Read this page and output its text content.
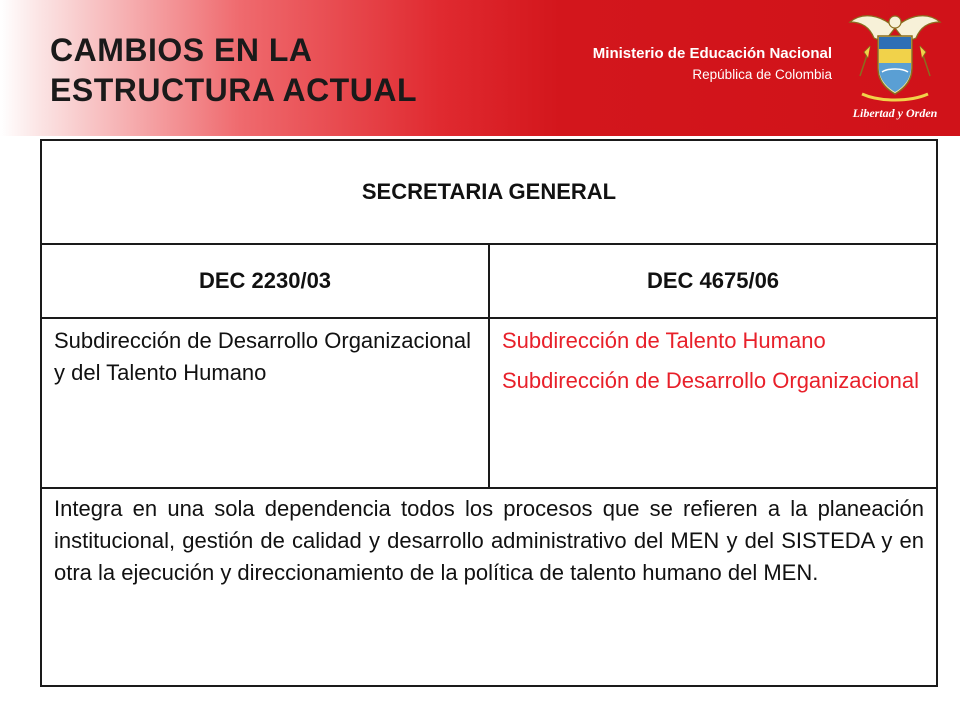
CAMBIOS EN LA
ESTRUCTURA ACTUAL
Ministerio de Educación Nacional
República de Colombia
Libertad y Orden
SECRETARIA GENERAL	
DEC 2230/03	DEC 4675/06
Subdirección de Desarrollo Organizacional y del Talento Humano	Subdirección de Talento Humano

Subdirección de Desarrollo Organizacional

Integra en una sola dependencia todos los procesos que se refieren a la planeación institucional, gestión de calidad y desarrollo administrativo del MEN y del SISTEDA y en otra la ejecución y direccionamiento de la política de talento humano del MEN.	
